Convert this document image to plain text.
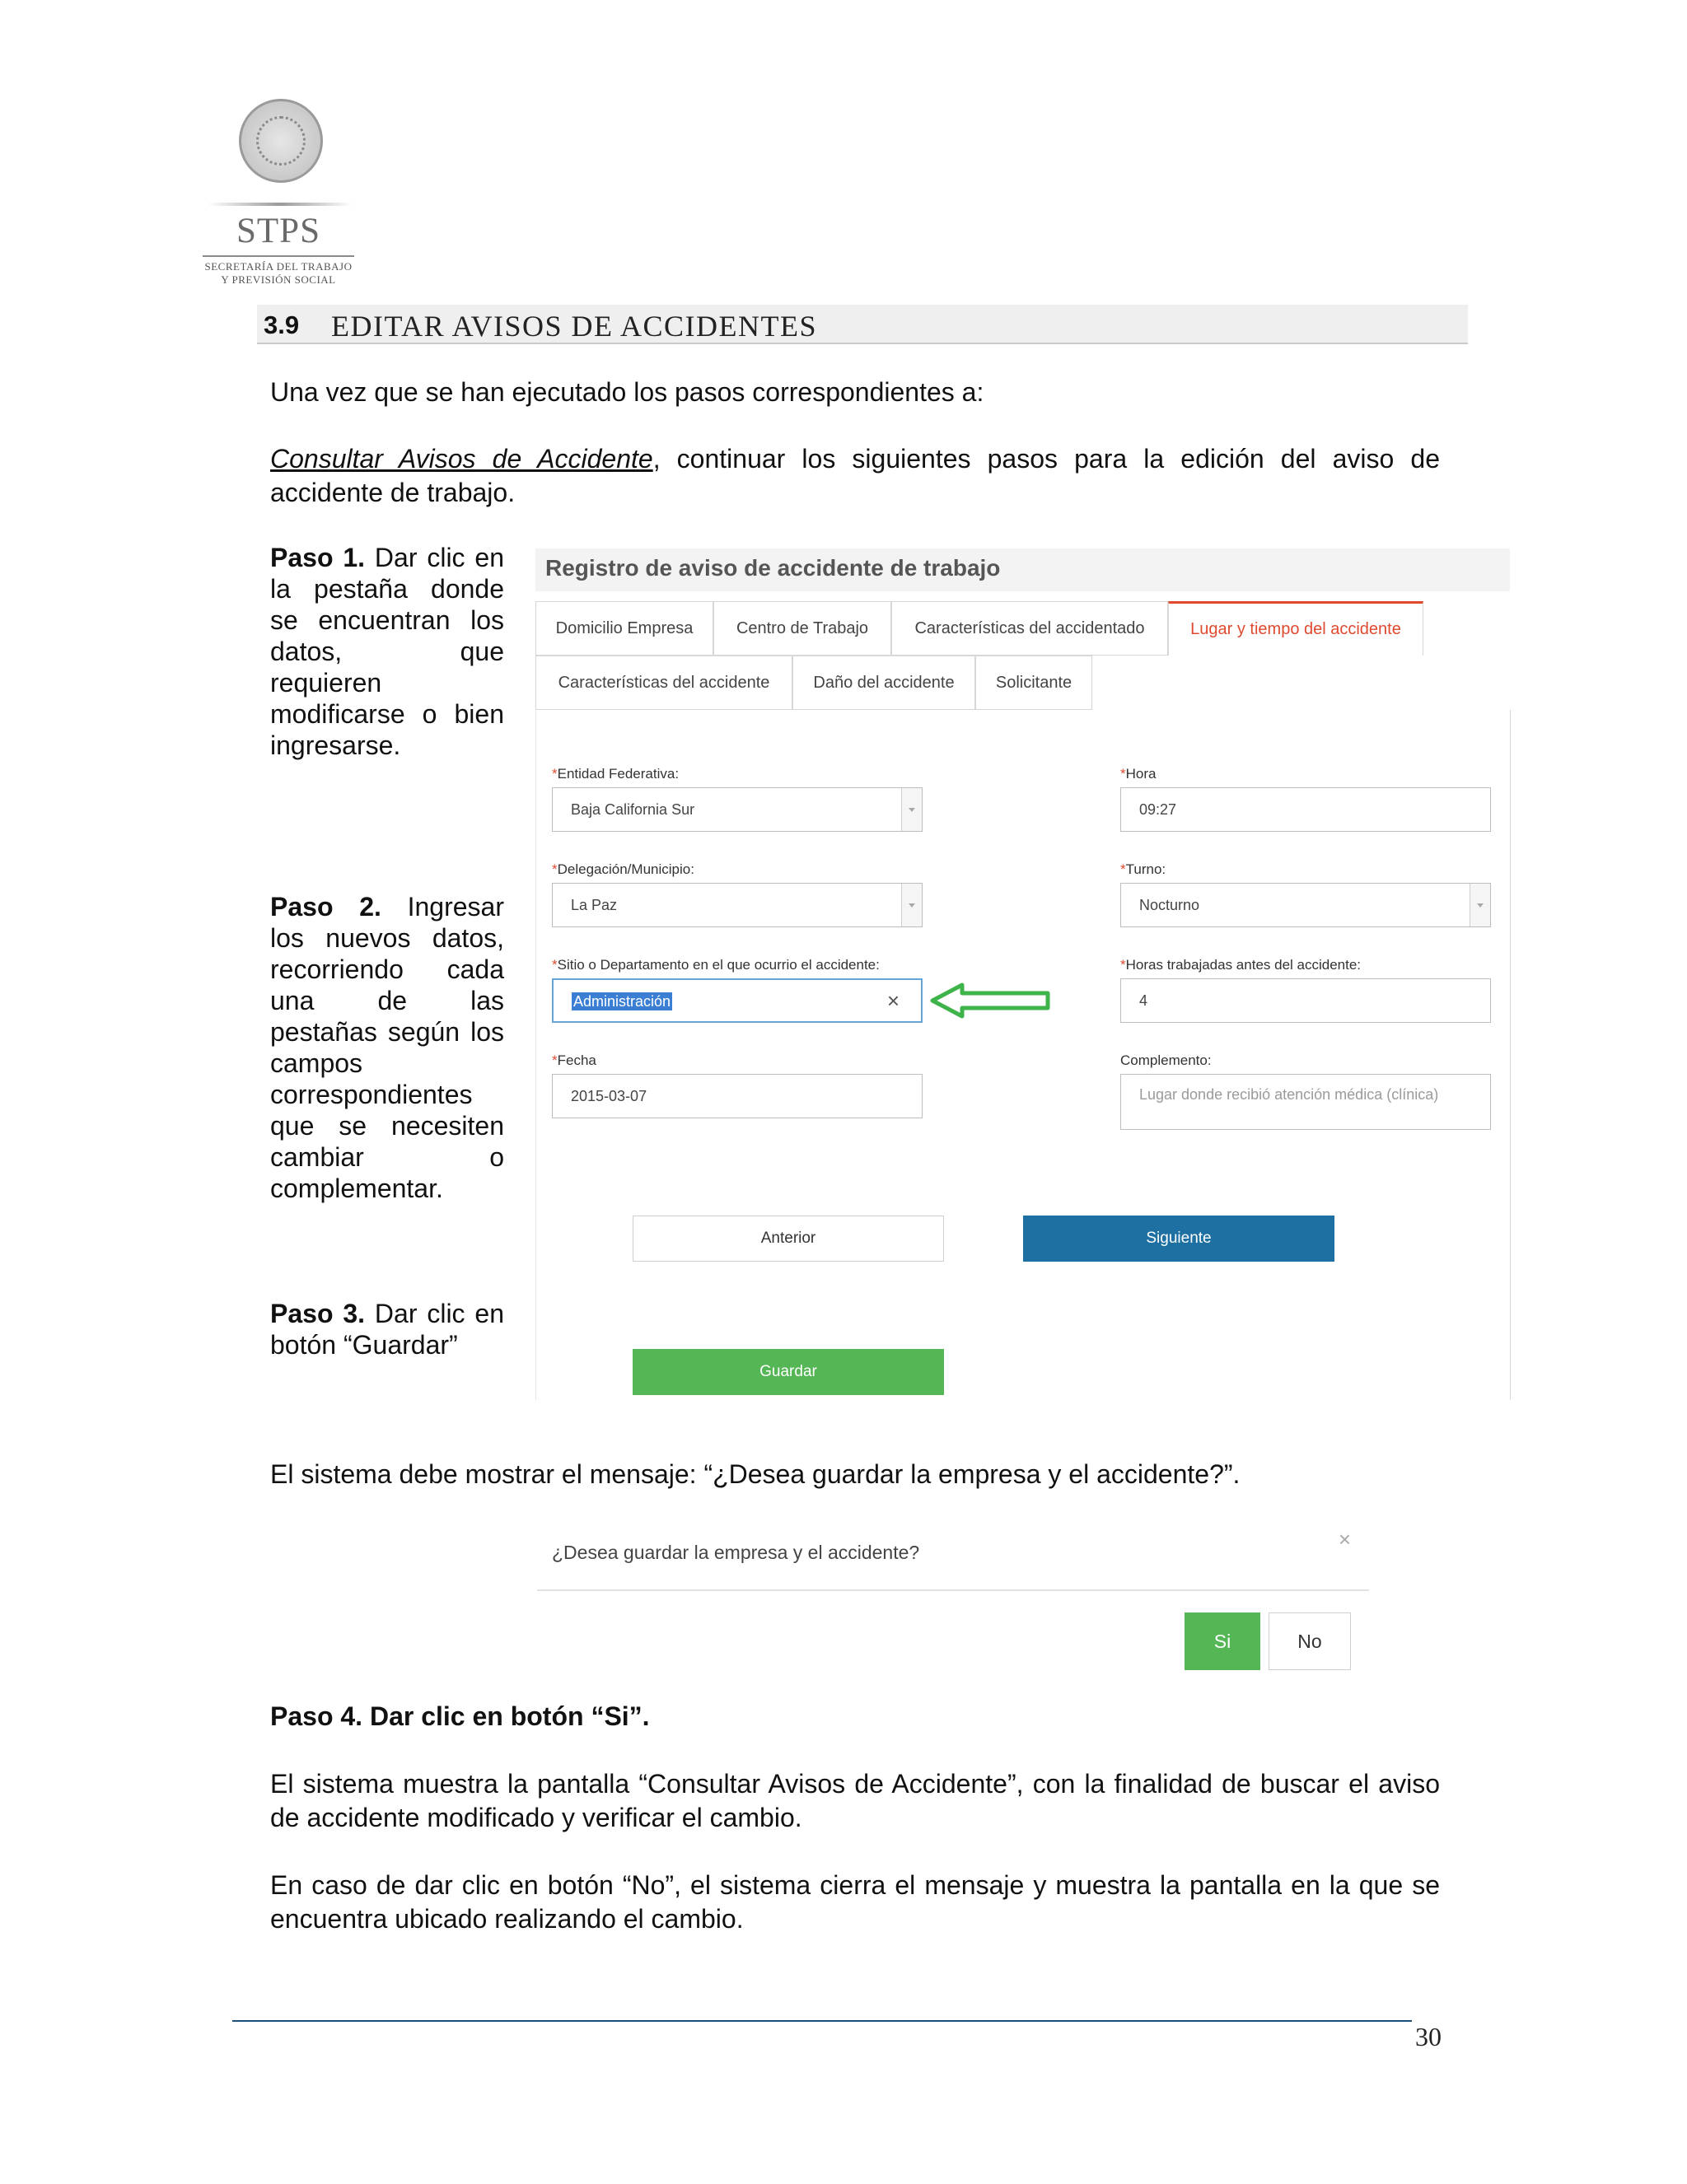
STPS
SECRETARÍA DEL TRABAJO
Y PREVISIÓN SOCIAL
3.9 EDITAR AVISOS DE ACCIDENTES
Una vez que se han ejecutado los pasos correspondientes a:
Consultar Avisos de Accidente, continuar los siguientes pasos para la edición del aviso de accidente de trabajo.
Paso 1. Dar clic en la pestaña donde se encuentran los datos, que requieren modificarse o bien ingresarse.
Paso 2. Ingresar los nuevos datos, recorriendo cada una de las pestañas según los campos correspondientes que se necesiten cambiar o complementar.
Paso 3. Dar clic en botón “Guardar”
Registro de aviso de accidente de trabajo
Domicilio Empresa	Centro de Trabajo	Características del accidentado	Lugar y tiempo del accidente
Características del accidente	Daño del accidente	Solicitante
*Entidad Federativa:
Baja California Sur
*Delegación/Municipio:
La Paz
*Sitio o Departamento en el que ocurrio el accidente:
Administración	×
*Fecha
2015-03-07
*Hora
09:27
*Turno:
Nocturno
*Horas trabajadas antes del accidente:
4
Complemento:
Lugar donde recibió atención médica (clínica)
Anterior	Siguiente
Guardar
El sistema debe mostrar el mensaje: “¿Desea guardar la empresa y el accidente?”.
¿Desea guardar la empresa y el accidente?
×
Si	No
Paso 4. Dar clic en botón “Si”.
El sistema muestra la pantalla “Consultar Avisos de Accidente”, con la finalidad de buscar el aviso de accidente modificado y verificar el cambio.
En caso de dar clic en botón “No”, el sistema cierra el mensaje y muestra la pantalla en la que se encuentra ubicado realizando el cambio.
30
